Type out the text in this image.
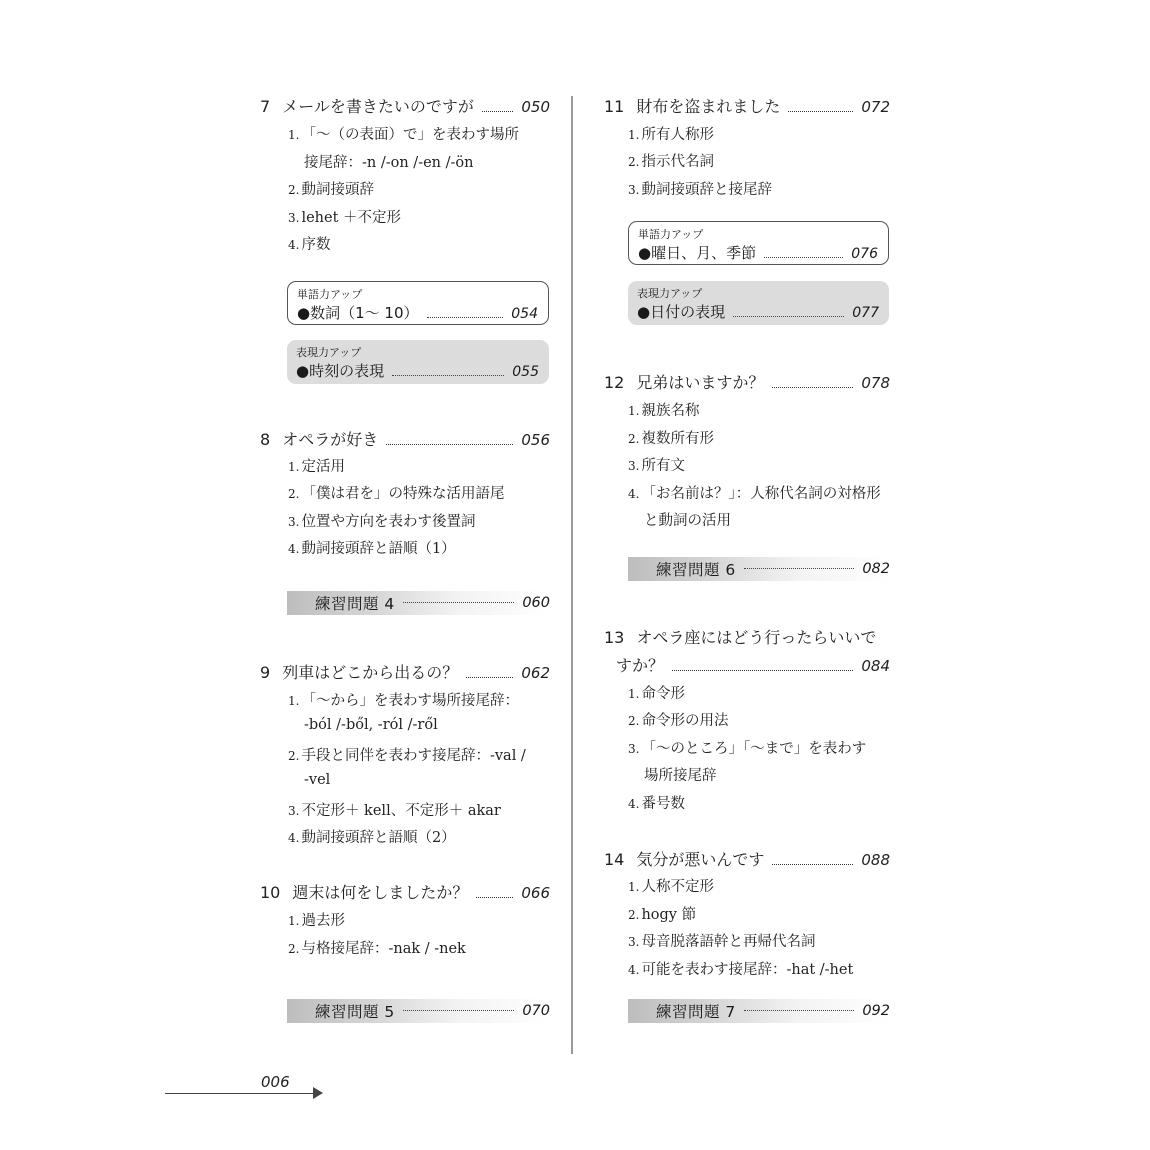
7 メールを書きたいのですが	050
1. 「～（の表面）で」を表わす場所
接尾辞：-n /-on /-en /-ön
2. 動詞接頭辞
3. lehet ＋不定形
4. 序数
単語力アップ
●数詞（1～ 10）	054
表現力アップ
●時刻の表現	055
8 オペラが好き	056
1. 定活用
2. 「僕は君を」の特殊な活用語尾
3. 位置や方向を表わす後置詞
4. 動詞接頭辞と語順（1）
練習問題 4	060
9 列車はどこから出るの？	062
1. 「～から」を表わす場所接尾辞：
-ból /-ből, -ról /-ről
2. 手段と同伴を表わす接尾辞：-val /
-vel
3. 不定形＋ kell、不定形＋ akar
4. 動詞接頭辞と語順（2）
10 週末は何をしましたか？	066
1. 過去形
2. 与格接尾辞：-nak / -nek
練習問題 5	070
11 財布を盗まれました	072
1. 所有人称形
2. 指示代名詞
3. 動詞接頭辞と接尾辞
単語力アップ
●曜日、月、季節	076
表現力アップ
●日付の表現	077
12 兄弟はいますか？	078
1. 親族名称
2. 複数所有形
3. 所有文
4. 「お名前は？」：人称代名詞の対格形
と動詞の活用
練習問題 6	082
13 オペラ座にはどう行ったらいいで
すか？	084
1. 命令形
2. 命令形の用法
3. 「～のところ」「～まで」を表わす
場所接尾辞
4. 番号数
14 気分が悪いんです	088
1. 人称不定形
2. hogy 節
3. 母音脱落語幹と再帰代名詞
4. 可能を表わす接尾辞：-hat /-het
練習問題 7	092
006
